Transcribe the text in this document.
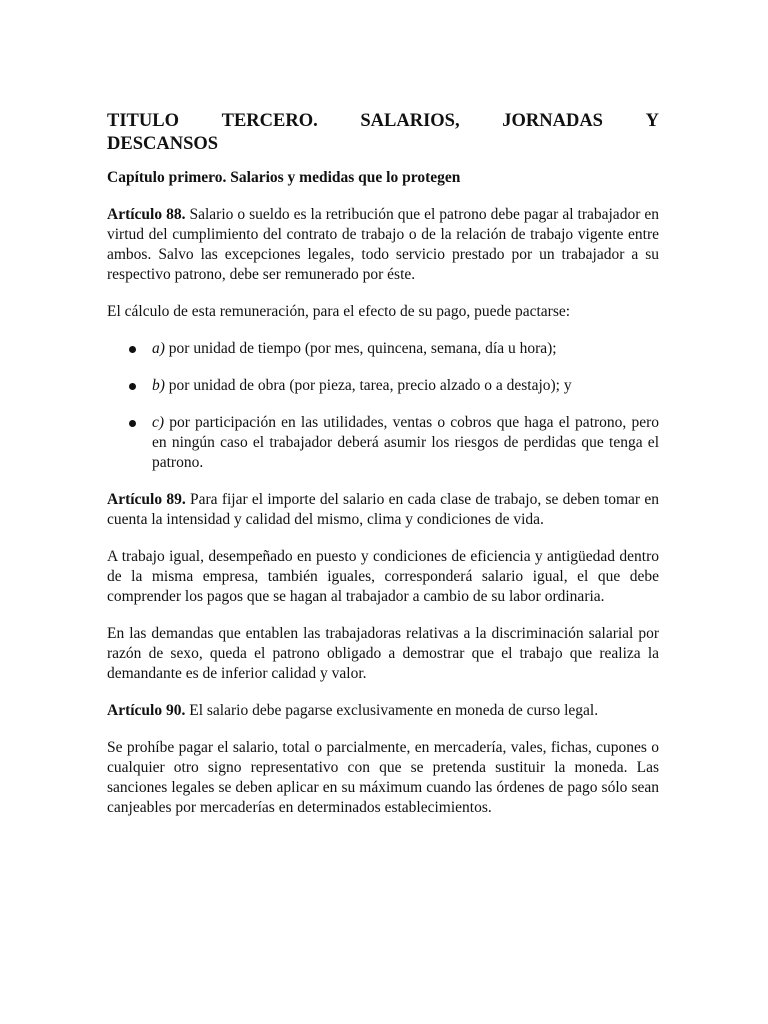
TITULO TERCERO. SALARIOS, JORNADAS Y
DESCANSOS
Capítulo primero. Salarios y medidas que lo protegen

Artículo 88. Salario o sueldo es la retribución que el patrono debe pagar al trabajador en virtud del cumplimiento del contrato de trabajo o de la relación de trabajo vigente entre ambos. Salvo las excepciones legales, todo servicio prestado por un trabajador a su respectivo patrono, debe ser remunerado por éste.

El cálculo de esta remuneración, para el efecto de su pago, puede pactarse:

a) por unidad de tiempo (por mes, quincena, semana, día u hora);
b) por unidad de obra (por pieza, tarea, precio alzado o a destajo); y
c) por participación en las utilidades, ventas o cobros que haga el patrono, pero en ningún caso el trabajador deberá asumir los riesgos de perdidas que tenga el patrono.

Artículo 89. Para fijar el importe del salario en cada clase de trabajo, se deben tomar en cuenta la intensidad y calidad del mismo, clima y condiciones de vida.

A trabajo igual, desempeñado en puesto y condiciones de eficiencia y antigüedad dentro de la misma empresa, también iguales, corresponderá salario igual, el que debe comprender los pagos que se hagan al trabajador a cambio de su labor ordinaria.

En las demandas que entablen las trabajadoras relativas a la discriminación salarial por razón de sexo, queda el patrono obligado a demostrar que el trabajo que realiza la demandante es de inferior calidad y valor.

Artículo 90. El salario debe pagarse exclusivamente en moneda de curso legal.

Se prohíbe pagar el salario, total o parcialmente, en mercadería, vales, fichas, cupones o cualquier otro signo representativo con que se pretenda sustituir la moneda. Las sanciones legales se deben aplicar en su máximum cuando las órdenes de pago sólo sean canjeables por mercaderías en determinados establecimientos.
